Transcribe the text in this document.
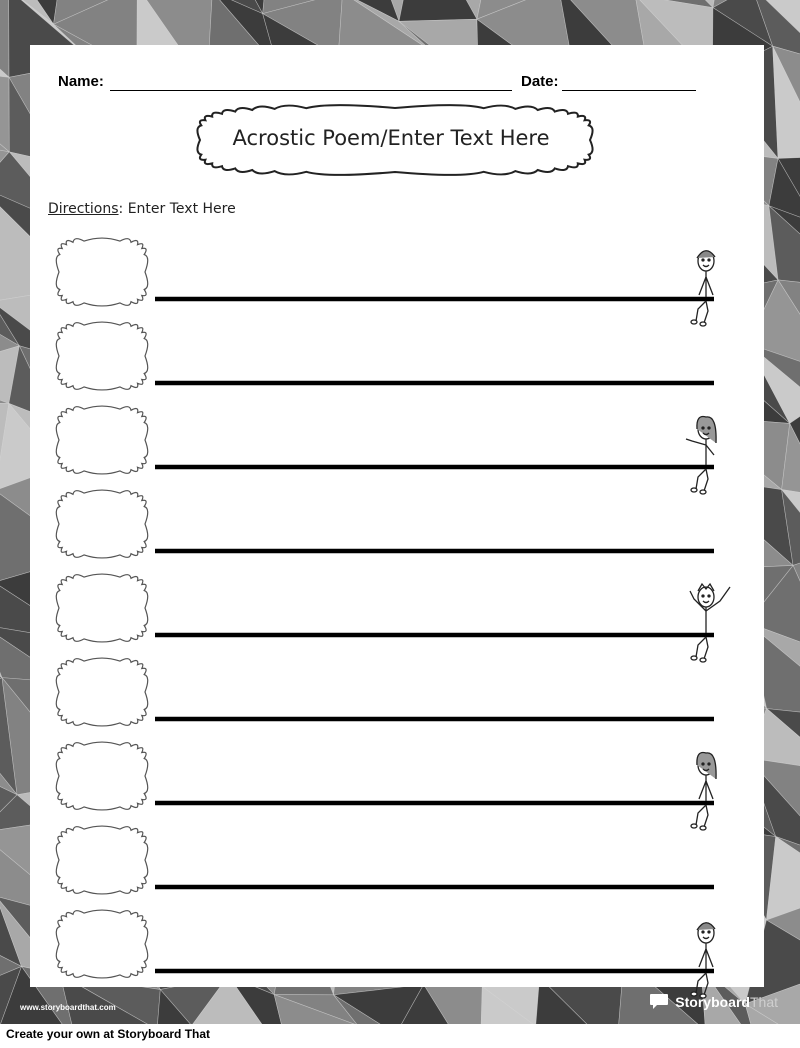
Name:	Date:
Acrostic Poem/Enter Text Here
Directions: Enter Text Here
www.storyboardthat.com	Storyboard That
Create your own at Storyboard That
